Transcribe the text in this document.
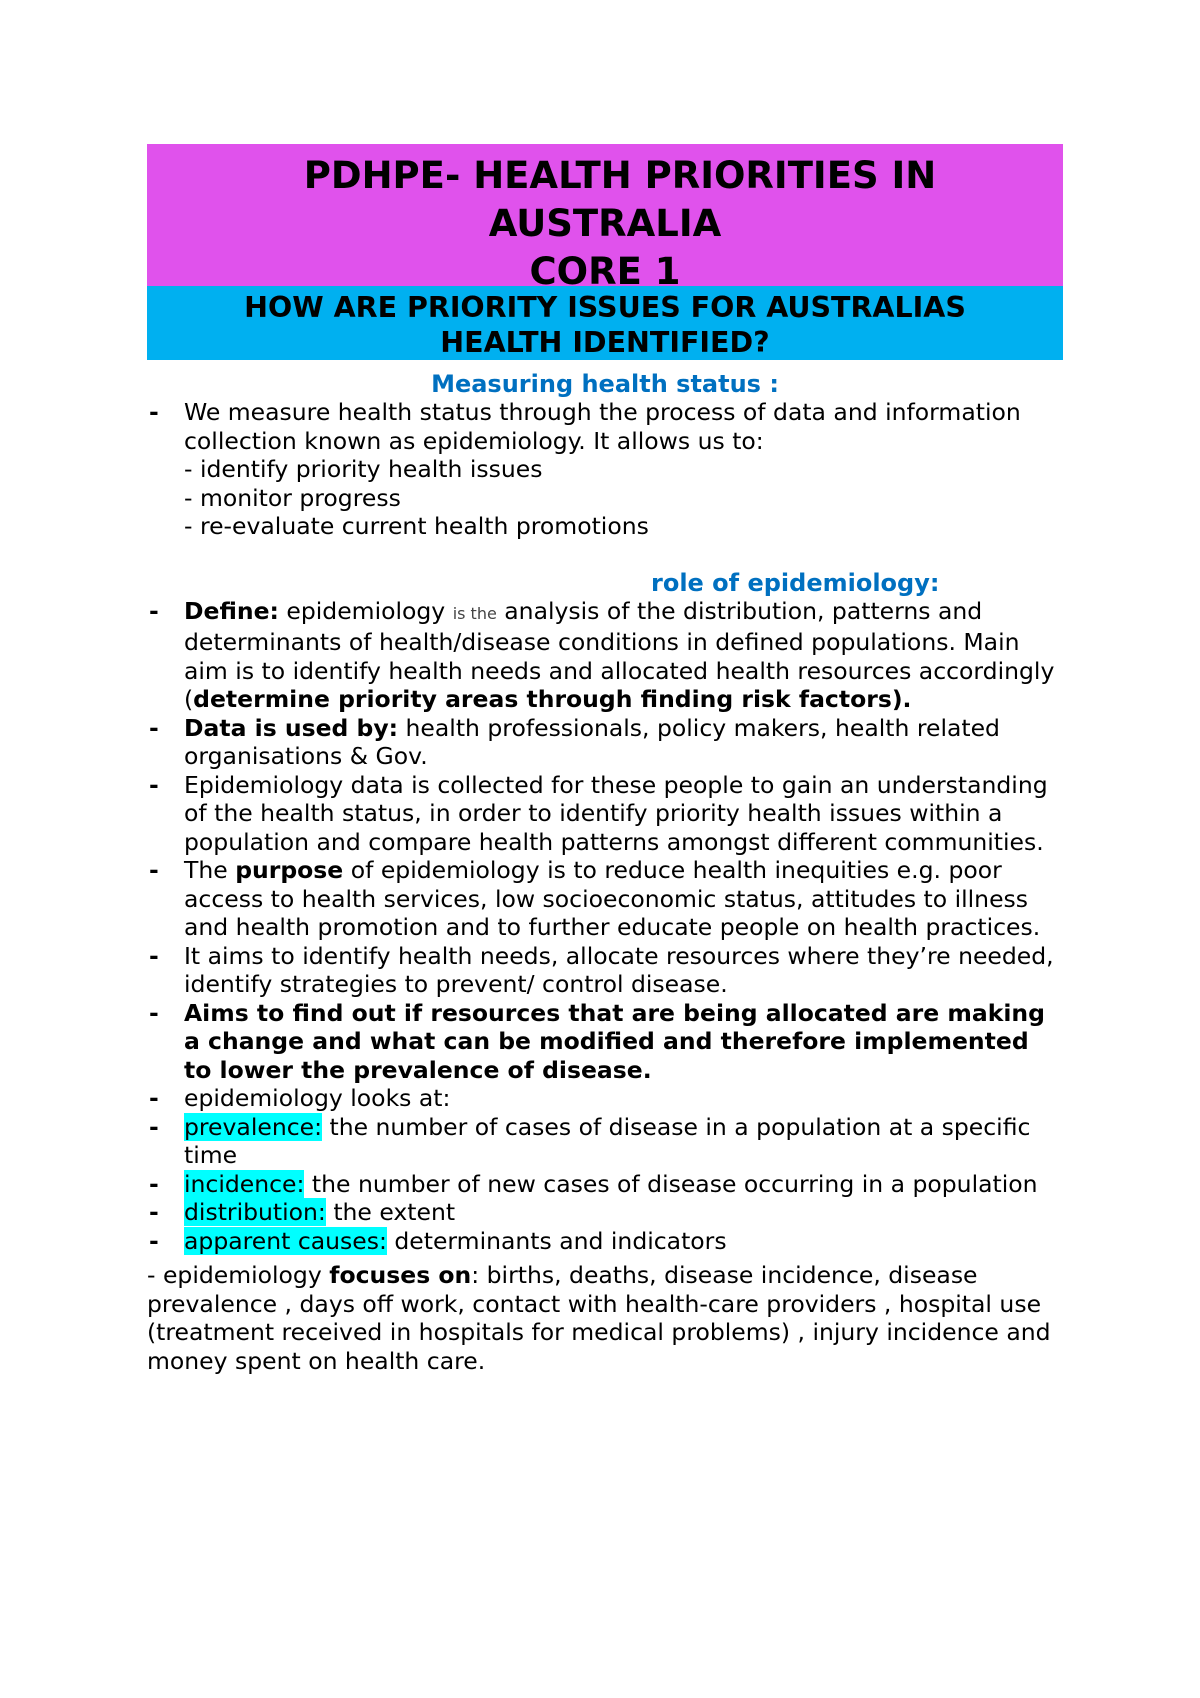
PDHPE- HEALTH PRIORITIES IN
AUSTRALIA
CORE 1
HOW ARE PRIORITY ISSUES FOR AUSTRALIAS
HEALTH IDENTIFIED?
Measuring health status :
- We measure health status through the process of data and information collection known as epidemiology. It allows us to:
- identify priority health issues
- monitor progress
- re-evaluate current health promotions
role of epidemiology:
- Define: epidemiology is the analysis of the distribution, patterns and determinants of health/disease conditions in defined populations. Main aim is to identify health needs and allocated health resources accordingly (determine priority areas through finding risk factors).
- Data is used by: health professionals, policy makers, health related organisations & Gov.
- Epidemiology data is collected for these people to gain an understanding of the health status, in order to identify priority health issues within a population and compare health patterns amongst different communities.
- The purpose of epidemiology is to reduce health inequities e.g. poor access to health services, low socioeconomic status, attitudes to illness and health promotion and to further educate people on health practices.
- It aims to identify health needs, allocate resources where they’re needed, identify strategies to prevent/ control disease.
- Aims to find out if resources that are being allocated are making a change and what can be modified and therefore implemented to lower the prevalence of disease.
- epidemiology looks at:
- prevalence: the number of cases of disease in a population at a specific time
- incidence: the number of new cases of disease occurring in a population
- distribution: the extent
- apparent causes: determinants and indicators
- epidemiology focuses on: births, deaths, disease incidence, disease prevalence , days off work, contact with health-care providers , hospital use (treatment received in hospitals for medical problems) , injury incidence and money spent on health care.
